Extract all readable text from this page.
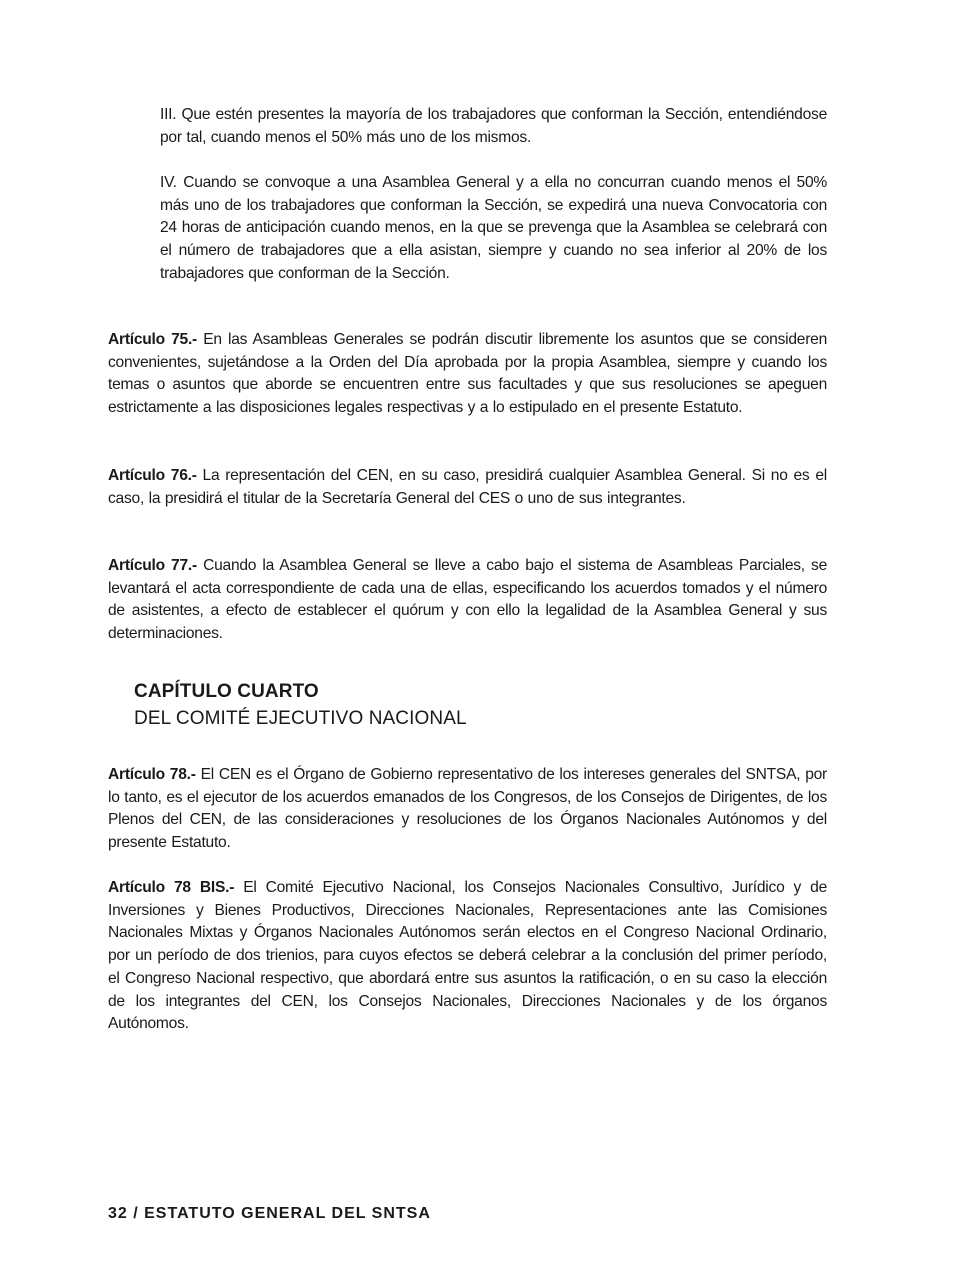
III. Que estén presentes la mayoría de los trabajadores que conforman la Sección, entendiéndose por tal, cuando menos el 50% más uno de los mismos.
IV. Cuando se convoque a una Asamblea General y a ella no concurran cuando menos el 50% más uno de los trabajadores que conforman la Sección, se expedirá una nueva Convocatoria con 24 horas de anticipación cuando menos, en la que se prevenga que la Asamblea se celebrará con el número de trabajadores que a ella asistan, siempre y cuando no sea inferior al 20% de los trabajadores que conforman de la Sección.
Artículo 75.- En las Asambleas Generales se podrán discutir libremente los asuntos que se consideren convenientes, sujetándose a la Orden del Día aprobada por la propia Asamblea, siempre y cuando los temas o asuntos que aborde se encuentren entre sus facultades y que sus resoluciones se apeguen estrictamente a las disposiciones legales respectivas y a lo estipulado en el presente Estatuto.
Artículo 76.- La representación del CEN, en su caso, presidirá cualquier Asamblea General. Si no es el caso, la presidirá el titular de la Secretaría General del CES o uno de sus integrantes.
Artículo 77.- Cuando la Asamblea General se lleve a cabo bajo el sistema de Asambleas Parciales, se levantará el acta correspondiente de cada una de ellas, especificando los acuerdos tomados y el número de asistentes, a efecto de establecer el quórum y con ello la legalidad de la Asamblea General y sus determinaciones.
CAPÍTULO CUARTO
DEL COMITÉ EJECUTIVO NACIONAL
Artículo 78.- El CEN es el Órgano de Gobierno representativo de los intereses generales del SNTSA, por lo tanto, es el ejecutor de los acuerdos emanados de los Congresos, de los Consejos de Dirigentes, de los Plenos del CEN, de las consideraciones y resoluciones de los Órganos Nacionales Autónomos y del presente Estatuto.
Artículo 78 BIS.- El Comité Ejecutivo Nacional, los Consejos Nacionales Consultivo, Jurídico y de Inversiones y Bienes Productivos, Direcciones Nacionales, Representaciones ante las Comisiones Nacionales Mixtas y Órganos Nacionales Autónomos serán electos en el Congreso Nacional Ordinario, por un período de dos trienios, para cuyos efectos se deberá celebrar a la conclusión del primer período, el Congreso Nacional respectivo, que abordará entre sus asuntos la ratificación, o en su caso la elección de los integrantes del CEN, los Consejos Nacionales, Direcciones Nacionales y de los órganos Autónomos.
32 / ESTATUTO GENERAL DEL SNTSA
